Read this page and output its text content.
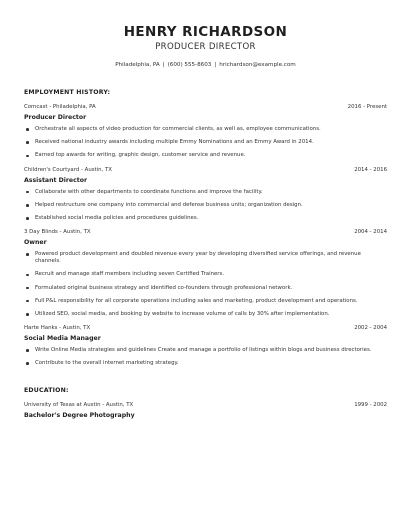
HENRY RICHARDSON
PRODUCER DIRECTOR
Philadelphia, PA | (600) 555-8603 | hrichardson@example.com
EMPLOYMENT HISTORY:
Comcast - Philadelphia, PA	2016 - Present
Producer Director
Orchestrate all aspects of video production for commercial clients, as well as, employee communications.
Received national industry awards including multiple Emmy Nominations and an Emmy Award in 2014.
Earned top awards for writing, graphic design, customer service and revenue.
Children's Courtyard - Austin, TX	2014 - 2016
Assistant Director
Collaborate with other departments to coordinate functions and improve the facility.
Helped restructure one company into commercial and defense business units; organization design.
Established social media policies and procedures guidelines.
3 Day Blinds - Austin, TX	2004 - 2014
Owner
Powered product development and doubled revenue every year by developing diversified service offerings, and revenue channels.
Recruit and manage staff members including seven Certified Trainers.
Formulated original business strategy and identified co-founders through professional network.
Full P&L responsibility for all corporate operations including sales and marketing, product development and operations.
Utilized SEO, social media, and booking by website to increase volume of calls by 30% after implementation.
Harte Hanks - Austin, TX	2002 - 2004
Social Media Manager
Write Online Media strategies and guidelines Create and manage a portfolio of listings within blogs and business directories.
Contribute to the overall internet marketing strategy.
EDUCATION:
University of Texas at Austin - Austin, TX	1999 - 2002
Bachelor's Degree Photography
